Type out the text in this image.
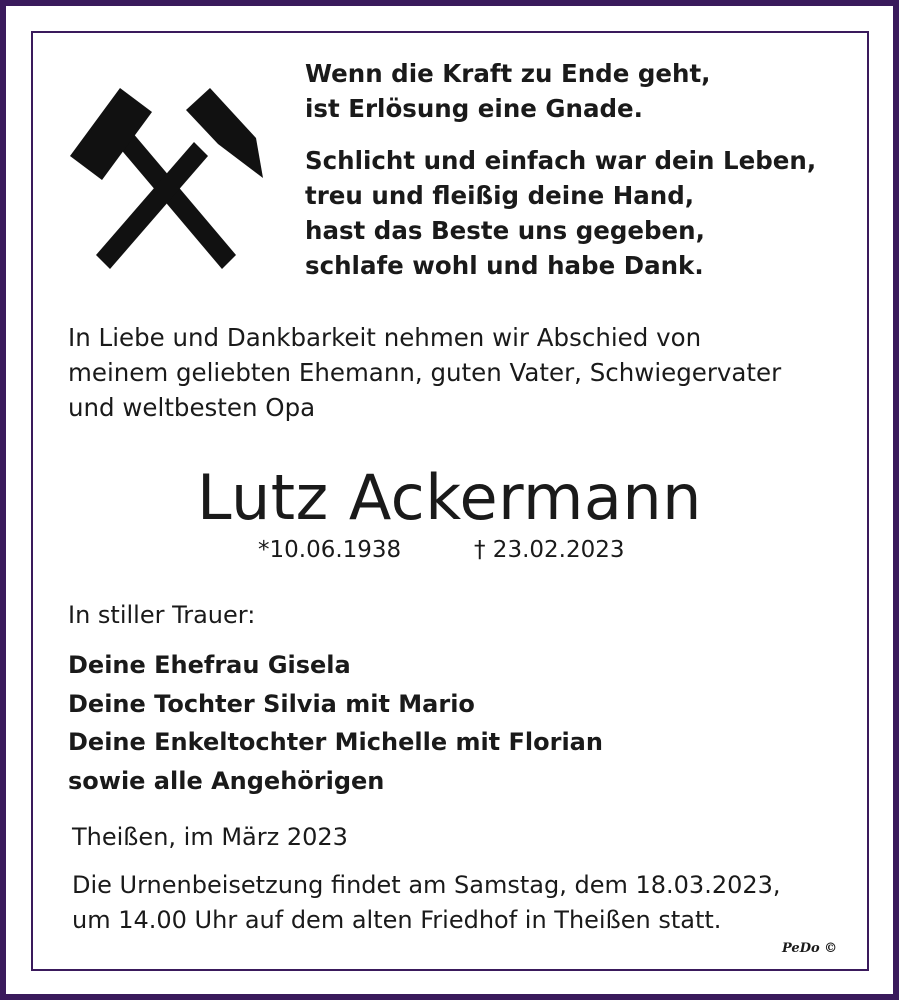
Wenn die Kraft zu Ende geht,
ist Erlösung eine Gnade.
Schlicht und einfach war dein Leben,
treu und fleißig deine Hand,
hast das Beste uns gegeben,
schlafe wohl und habe Dank.
In Liebe und Dankbarkeit nehmen wir Abschied von
meinem geliebten Ehemann, guten Vater, Schwiegervater
und weltbesten Opa
Lutz Ackermann
*10.06.1938	† 23.02.2023
In stiller Trauer:
Deine Ehefrau Gisela
Deine Tochter Silvia mit Mario
Deine Enkeltochter Michelle mit Florian
sowie alle Angehörigen
Theißen, im März 2023
Die Urnenbeisetzung findet am Samstag, dem 18.03.2023,
um 14.00 Uhr auf dem alten Friedhof in Theißen statt.
PeDo ©
